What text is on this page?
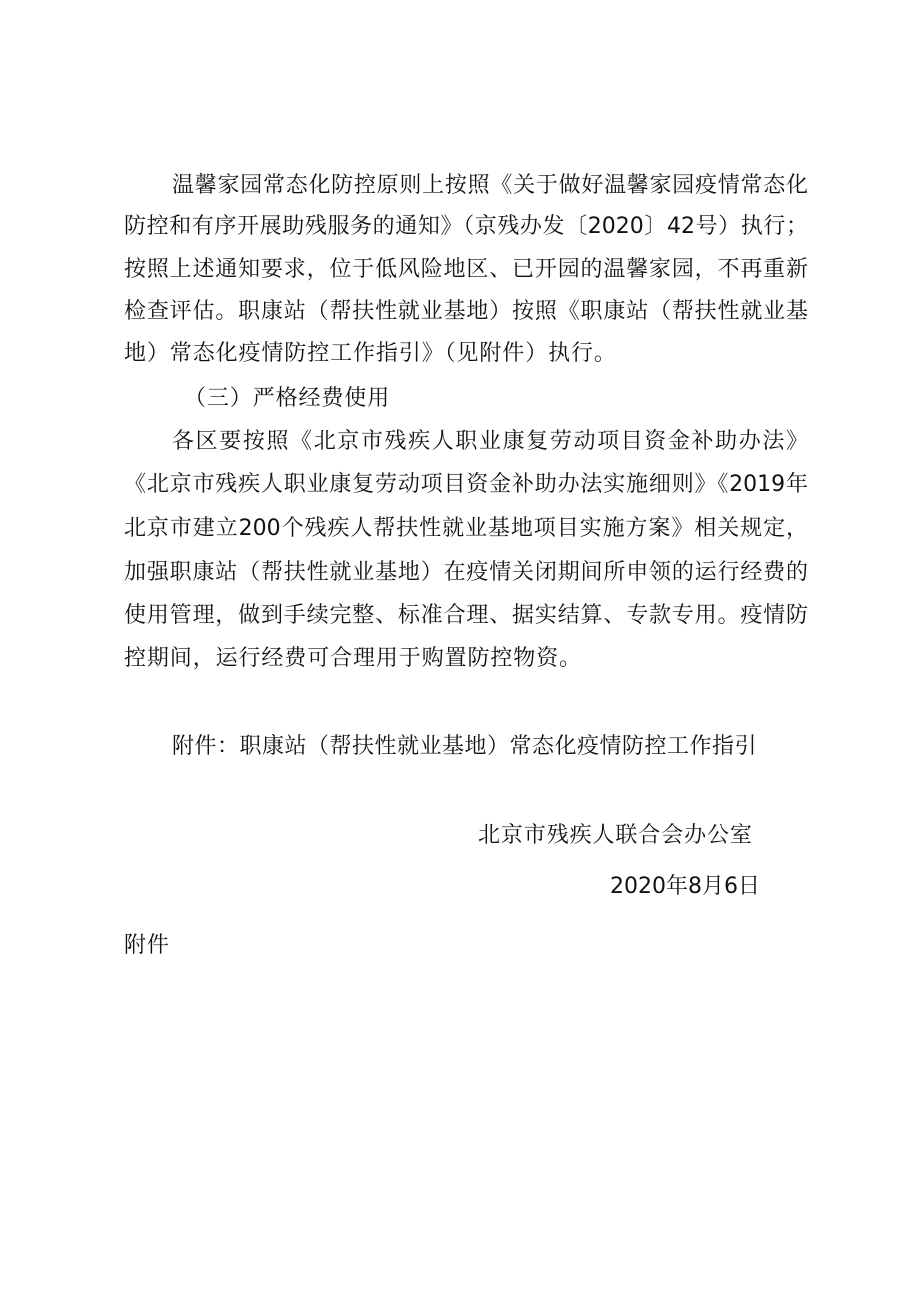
温馨家园常态化防控原则上按照《关于做好温馨家园疫情常态化
防控和有序开展助残服务的通知》（京残办发〔2020〕42号）执行；
按照上述通知要求，位于低风险地区、已开园的温馨家园，不再重新
检查评估。职康站（帮扶性就业基地）按照《职康站（帮扶性就业基
地）常态化疫情防控工作指引》（见附件）执行。
（三）严格经费使用
各区要按照《北京市残疾人职业康复劳动项目资金补助办法》
《北京市残疾人职业康复劳动项目资金补助办法实施细则》《2019年
北京市建立200个残疾人帮扶性就业基地项目实施方案》相关规定，
加强职康站（帮扶性就业基地）在疫情关闭期间所申领的运行经费的
使用管理，做到手续完整、标准合理、据实结算、专款专用。疫情防
控期间，运行经费可合理用于购置防控物资。
附件：职康站（帮扶性就业基地）常态化疫情防控工作指引
北京市残疾人联合会办公室
2020年8月6日
附件
